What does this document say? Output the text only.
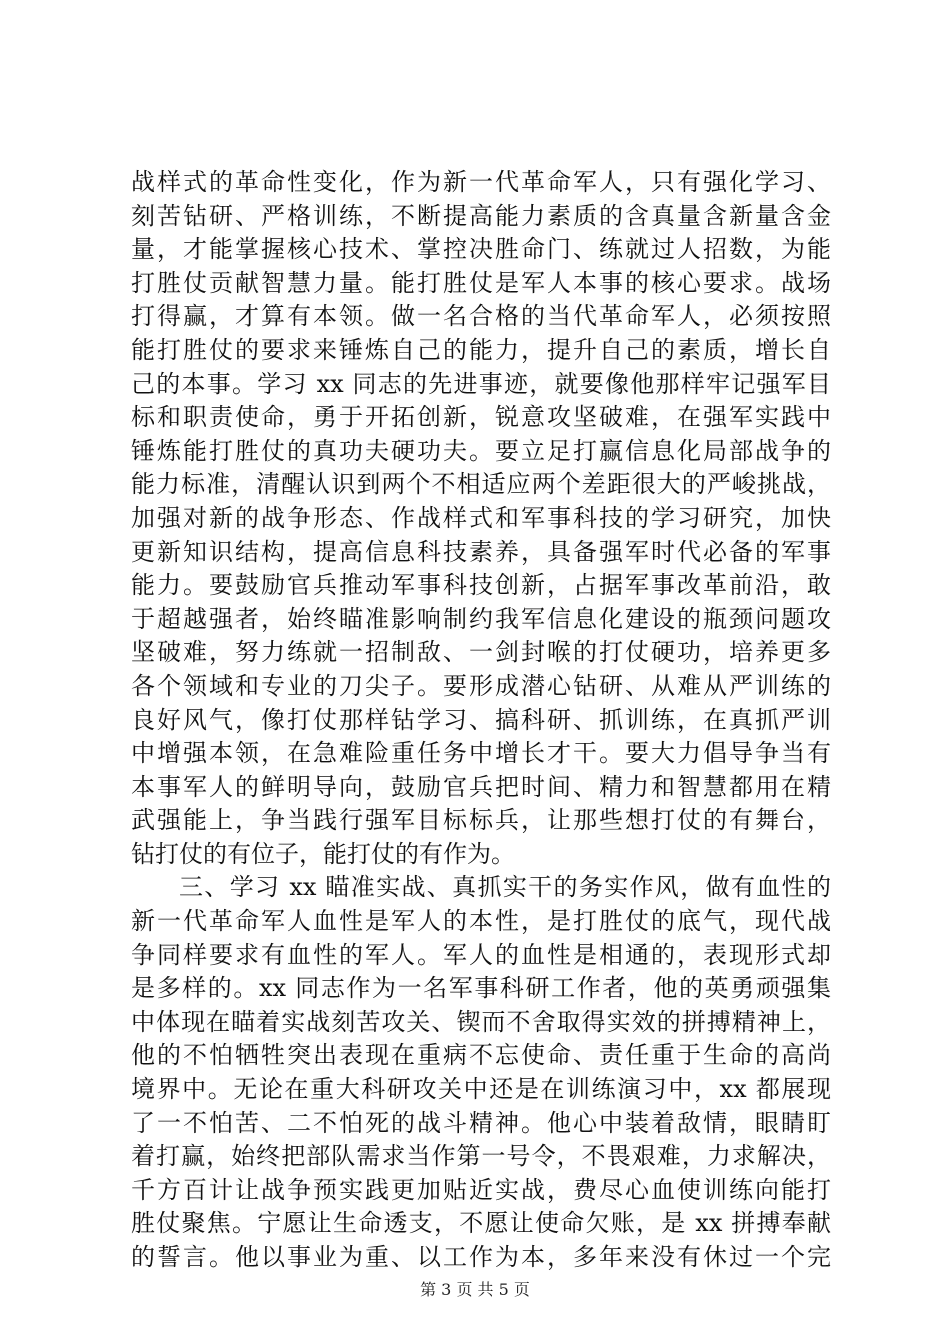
战样式的革命性变化，作为新一代革命军人，只有强化学习、
刻苦钻研、严格训练，不断提高能力素质的含真量含新量含金
量，才能掌握核心技术、掌控决胜命门、练就过人招数，为能
打胜仗贡献智慧力量。能打胜仗是军人本事的核心要求。战场
打得赢，才算有本领。做一名合格的当代革命军人，必须按照
能打胜仗的要求来锤炼自己的能力，提升自己的素质，增长自
己的本事。学习 xx 同志的先进事迹，就要像他那样牢记强军目
标和职责使命，勇于开拓创新，锐意攻坚破难，在强军实践中
锤炼能打胜仗的真功夫硬功夫。要立足打赢信息化局部战争的
能力标准，清醒认识到两个不相适应两个差距很大的严峻挑战，
加强对新的战争形态、作战样式和军事科技的学习研究，加快
更新知识结构，提高信息科技素养，具备强军时代必备的军事
能力。要鼓励官兵推动军事科技创新，占据军事改革前沿，敢
于超越强者，始终瞄准影响制约我军信息化建设的瓶颈问题攻
坚破难，努力练就一招制敌、一剑封喉的打仗硬功，培养更多
各个领域和专业的刀尖子。要形成潜心钻研、从难从严训练的
良好风气，像打仗那样钻学习、搞科研、抓训练，在真抓严训
中增强本领，在急难险重任务中增长才干。要大力倡导争当有
本事军人的鲜明导向，鼓励官兵把时间、精力和智慧都用在精
武强能上，争当践行强军目标标兵，让那些想打仗的有舞台，
钻打仗的有位子，能打仗的有作为。
三、学习 xx 瞄准实战、真抓实干的务实作风，做有血性的
新一代革命军人血性是军人的本性，是打胜仗的底气，现代战
争同样要求有血性的军人。军人的血性是相通的，表现形式却
是多样的。xx 同志作为一名军事科研工作者，他的英勇顽强集
中体现在瞄着实战刻苦攻关、锲而不舍取得实效的拼搏精神上，
他的不怕牺牲突出表现在重病不忘使命、责任重于生命的高尚
境界中。无论在重大科研攻关中还是在训练演习中，xx 都展现
了一不怕苦、二不怕死的战斗精神。他心中装着敌情，眼睛盯
着打赢，始终把部队需求当作第一号令，不畏艰难，力求解决，
千方百计让战争预实践更加贴近实战，费尽心血使训练向能打
胜仗聚焦。宁愿让生命透支，不愿让使命欠账，是 xx 拼搏奉献
的誓言。他以事业为重、以工作为本，多年来没有休过一个完
第 3 页 共 5 页
